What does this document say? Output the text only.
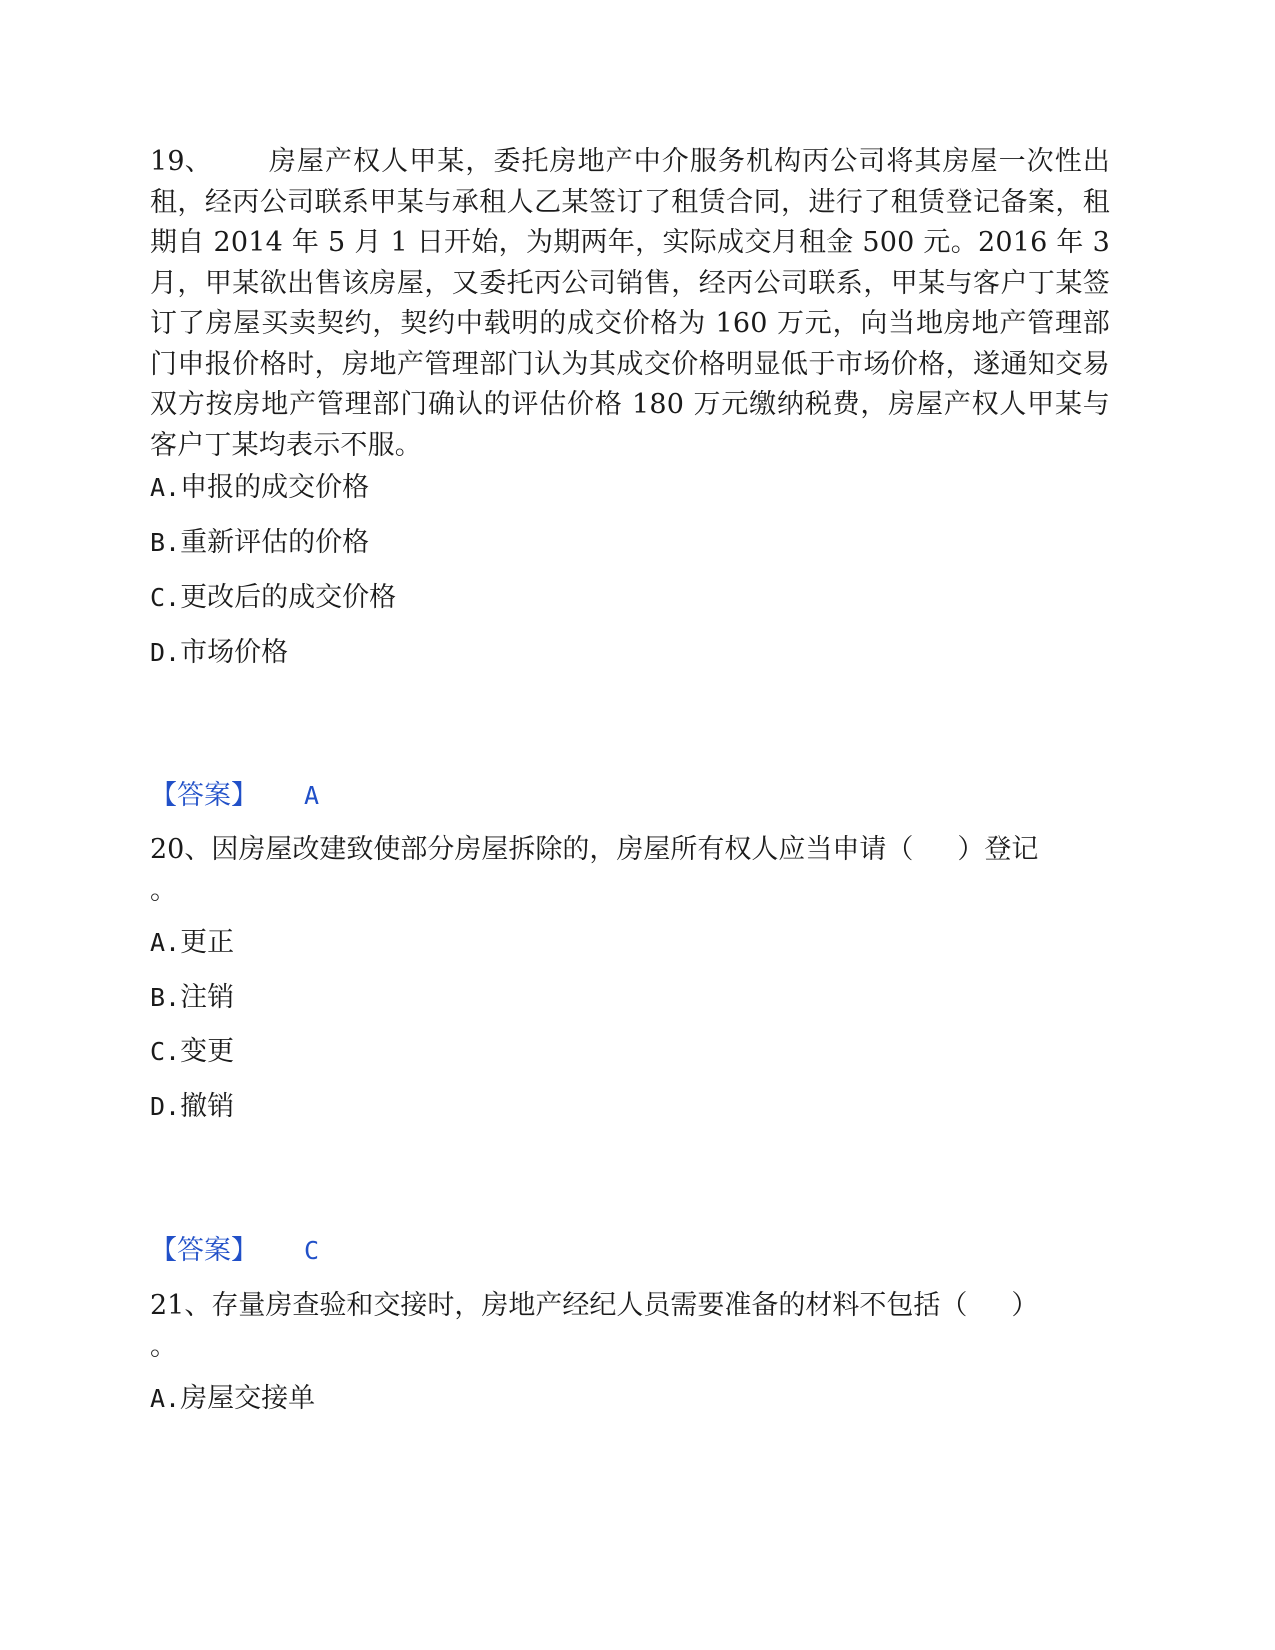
19、 房屋产权人甲某，委托房地产中介服务机构丙公司将其房屋一次性出租，经丙公司联系甲某与承租人乙某签订了租赁合同，进行了租赁登记备案，租期自 2014 年 5 月 1 日开始，为期两年，实际成交月租金 500 元。2016 年 3 月，甲某欲出售该房屋，又委托丙公司销售，经丙公司联系，甲某与客户丁某签订了房屋买卖契约，契约中载明的成交价格为 160 万元，向当地房地产管理部门申报价格时，房地产管理部门认为其成交价格明显低于市场价格，遂通知交易双方按房地产管理部门确认的评估价格 180 万元缴纳税费，房屋产权人甲某与客户丁某均表示不服。
A.申报的成交价格
B.重新评估的价格
C.更改后的成交价格
D.市场价格
【答案】 A
20、因房屋改建致使部分房屋拆除的，房屋所有权人应当申请（ ）登记
。
A.更正
B.注销
C.变更
D.撤销
【答案】 C
21、存量房查验和交接时，房地产经纪人员需要准备的材料不包括（ ）
。
A.房屋交接单
